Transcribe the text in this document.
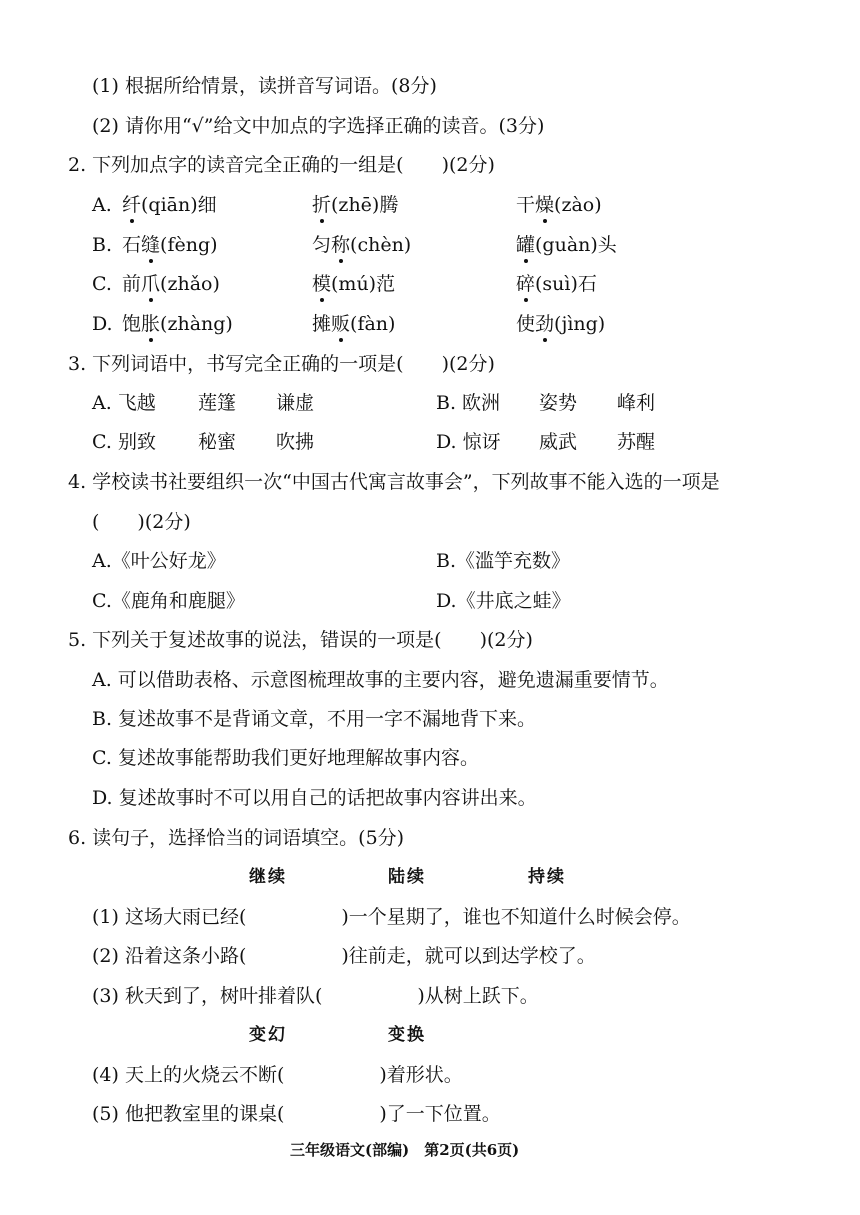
(1) 根据所给情景，读拼音写词语。(8分)
(2) 请你用“√”给文中加点的字选择正确的读音。(3分)
2. 下列加点字的读音完全正确的一组是(　　)(2分)
A. 纤(qiān)细	折(zhē)腾	干燥(zào)
B. 石缝(fèng)	匀称(chèn)	罐(guàn)头
C. 前爪(zhǎo)	模(mú)范	碎(suì)石
D. 饱胀(zhàng)	摊贩(fàn)	使劲(jìng)
3. 下列词语中，书写完全正确的一项是(　　)(2分)
A. 飞越 莲篷 谦虚	B. 欧洲 姿势 峰利
C. 别致 秘蜜 吹拂	D. 惊讶 威武 苏醒
4. 学校读书社要组织一次“中国古代寓言故事会”，下列故事不能入选的一项是
(　　)(2分)
A.《叶公好龙》	B.《滥竽充数》
C.《鹿角和鹿腿》	D.《井底之蛙》
5. 下列关于复述故事的说法，错误的一项是(　　)(2分)
A. 可以借助表格、示意图梳理故事的主要内容，避免遗漏重要情节。
B. 复述故事不是背诵文章，不用一字不漏地背下来。
C. 复述故事能帮助我们更好地理解故事内容。
D. 复述故事时不可以用自己的话把故事内容讲出来。
6. 读句子，选择恰当的词语填空。(5分)
继续	陆续	持续
(1) 这场大雨已经(　　　　　)一个星期了，谁也不知道什么时候会停。
(2) 沿着这条小路(　　　　　)往前走，就可以到达学校了。
(3) 秋天到了，树叶排着队(　　　　　)从树上跃下。
变幻	变换
(4) 天上的火烧云不断(　　　　　)着形状。
(5) 他把教室里的课桌(　　　　　)了一下位置。
三年级语文(部编)　第2页(共6页)
